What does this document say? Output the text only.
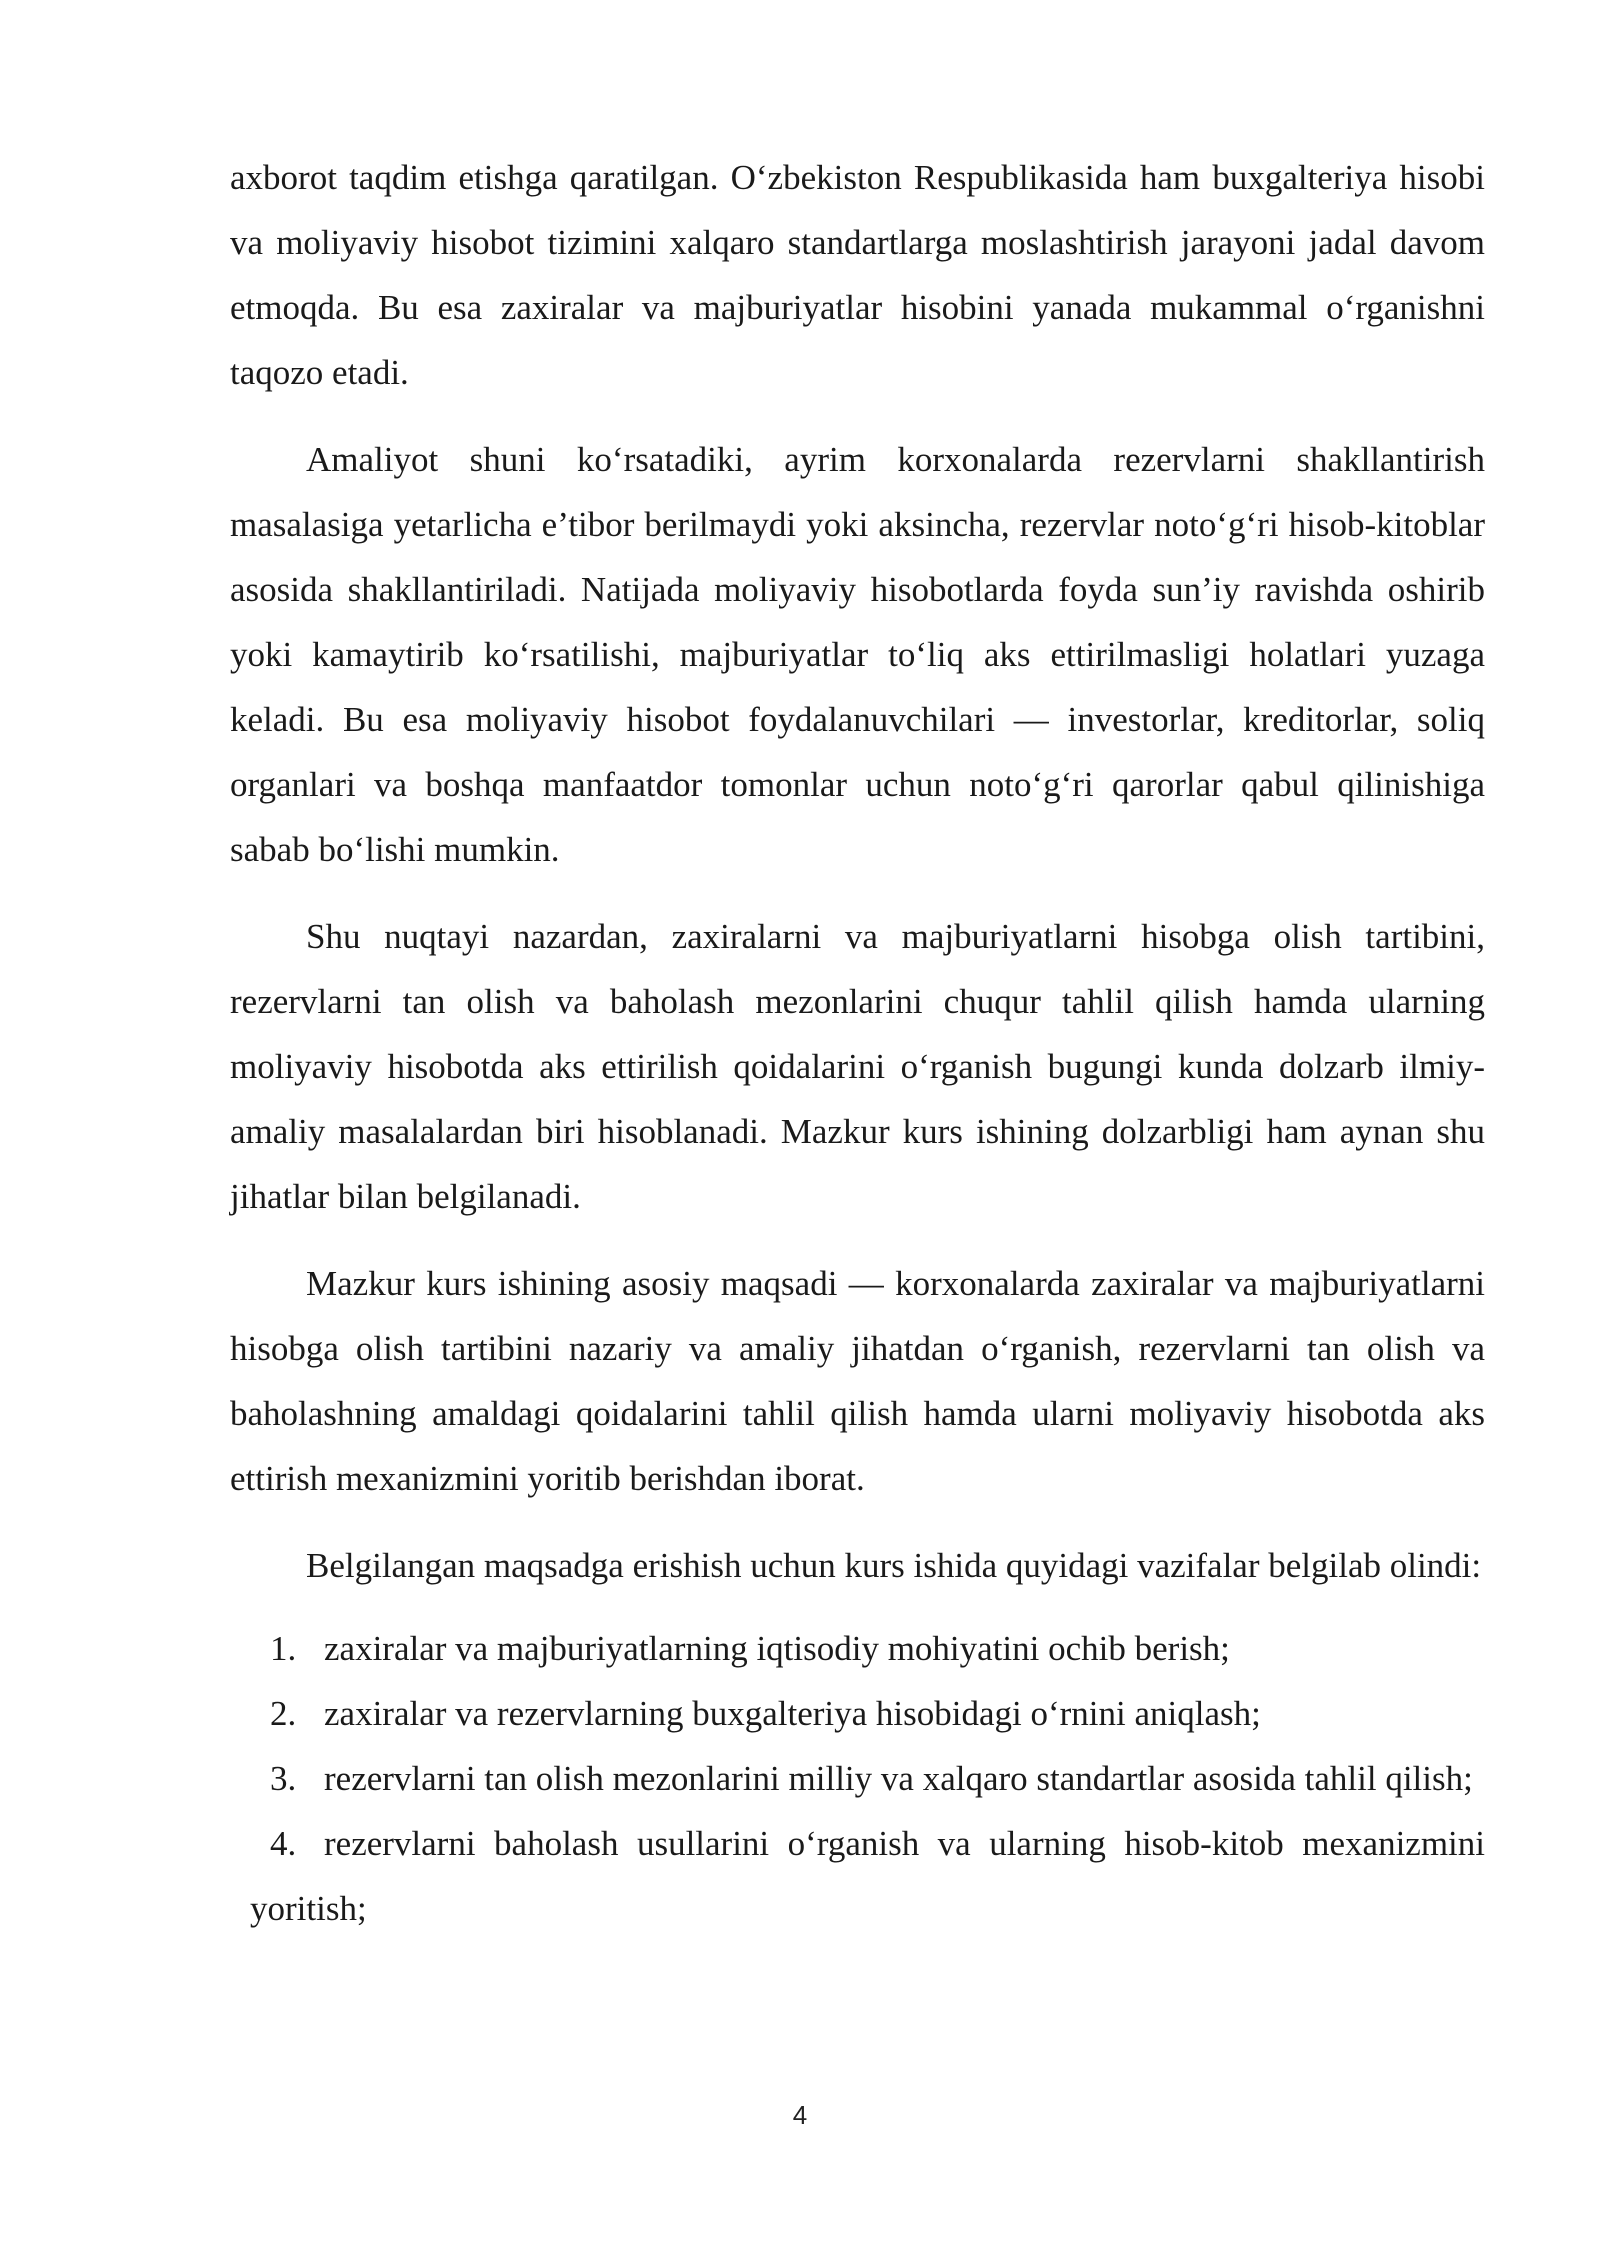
axborot taqdim etishga qaratilgan. O‘zbekiston Respublikasida ham buxgalteriya hisobi va moliyaviy hisobot tizimini xalqaro standartlarga moslashtirish jarayoni jadal davom etmoqda. Bu esa zaxiralar va majburiyatlar hisobini yanada mukammal o‘rganishni taqozo etadi.

Amaliyot shuni ko‘rsatadiki, ayrim korxonalarda rezervlarni shakllantirish masalasiga yetarlicha e’tibor berilmaydi yoki aksincha, rezervlar noto‘g‘ri hisob-kitoblar asosida shakllantiriladi. Natijada moliyaviy hisobotlarda foyda sun’iy ravishda oshirib yoki kamaytirib ko‘rsatilishi, majburiyatlar to‘liq aks ettirilmasligi holatlari yuzaga keladi. Bu esa moliyaviy hisobot foydalanuvchilari — investorlar, kreditorlar, soliq organlari va boshqa manfaatdor tomonlar uchun noto‘g‘ri qarorlar qabul qilinishiga sabab bo‘lishi mumkin.

Shu nuqtayi nazardan, zaxiralarni va majburiyatlarni hisobga olish tartibini, rezervlarni tan olish va baholash mezonlarini chuqur tahlil qilish hamda ularning moliyaviy hisobotda aks ettirilish qoidalarini o‘rganish bugungi kunda dolzarb ilmiy-amaliy masalalardan biri hisoblanadi. Mazkur kurs ishining dolzarbligi ham aynan shu jihatlar bilan belgilanadi.

Mazkur kurs ishining asosiy maqsadi — korxonalarda zaxiralar va majburiyatlarni hisobga olish tartibini nazariy va amaliy jihatdan o‘rganish, rezervlarni tan olish va baholashning amaldagi qoidalarini tahlil qilish hamda ularni moliyaviy hisobotda aks ettirish mexanizmini yoritib berishdan iborat.

Belgilangan maqsadga erishish uchun kurs ishida quyidagi vazifalar belgilab olindi:

1. zaxiralar va majburiyatlarning iqtisodiy mohiyatini ochib berish;
2. zaxiralar va rezervlarning buxgalteriya hisobidagi o‘rnini aniqlash;
3. rezervlarni tan olish mezonlarini milliy va xalqaro standartlar asosida tahlil qilish;
4. rezervlarni baholash usullarini o‘rganish va ularning hisob-kitob mexanizmini yoritish;
4
